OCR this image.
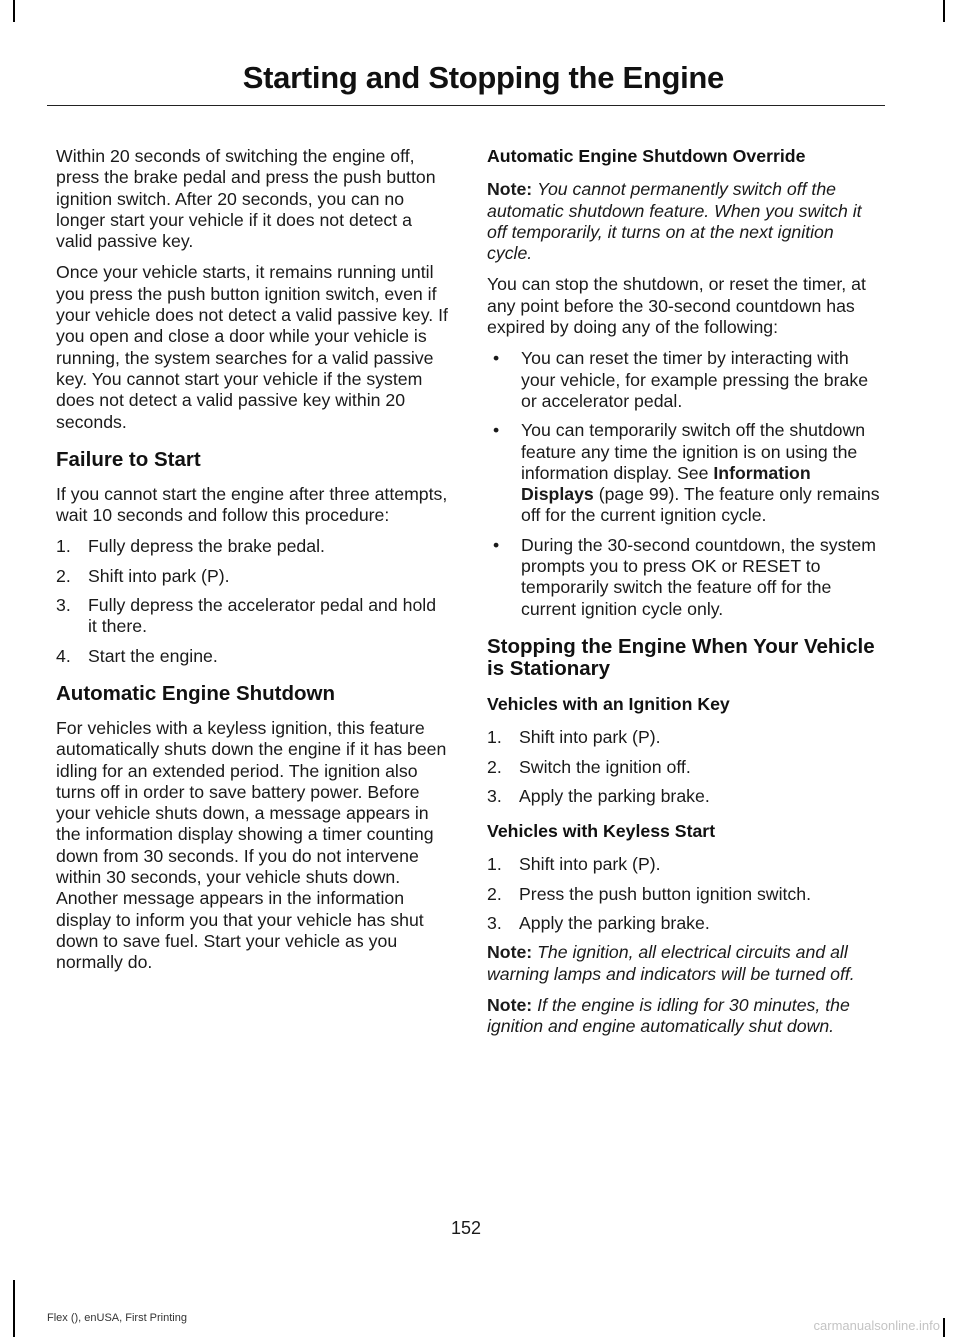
Starting and Stopping the Engine

Within 20 seconds of switching the engine off, press the brake pedal and press the push button ignition switch. After 20 seconds, you can no longer start your vehicle if it does not detect a valid passive key.

Once your vehicle starts, it remains running until you press the push button ignition switch, even if your vehicle does not detect a valid passive key. If you open and close a door while your vehicle is running, the system searches for a valid passive key. You cannot start your vehicle if the system does not detect a valid passive key within 20 seconds.

Failure to Start

If you cannot start the engine after three attempts, wait 10 seconds and follow this procedure:

1. Fully depress the brake pedal.
2. Shift into park (P).
3. Fully depress the accelerator pedal and hold it there.
4. Start the engine.
Automatic Engine Shutdown

For vehicles with a keyless ignition, this feature automatically shuts down the engine if it has been idling for an extended period. The ignition also turns off in order to save battery power. Before your vehicle shuts down, a message appears in the information display showing a timer counting down from 30 seconds. If you do not intervene within 30 seconds, your vehicle shuts down. Another message appears in the information display to inform you that your vehicle has shut down to save fuel. Start your vehicle as you normally do.

Automatic Engine Shutdown Override

Note: You cannot permanently switch off the automatic shutdown feature. When you switch it off temporarily, it turns on at the next ignition cycle.

You can stop the shutdown, or reset the timer, at any point before the 30-second countdown has expired by doing any of the following:

• You can reset the timer by interacting with your vehicle, for example pressing the brake or accelerator pedal.
• You can temporarily switch off the shutdown feature any time the ignition is on using the information display. See Information Displays (page 99). The feature only remains off for the current ignition cycle.
• During the 30-second countdown, the system prompts you to press OK or RESET to temporarily switch the feature off for the current ignition cycle only.
Stopping the Engine When Your Vehicle is Stationary
Vehicles with an Ignition Key
1. Shift into park (P).
2. Switch the ignition off.
3. Apply the parking brake.
Vehicles with Keyless Start
1. Shift into park (P).
2. Press the push button ignition switch.
3. Apply the parking brake.

Note: The ignition, all electrical circuits and all warning lamps and indicators will be turned off.

Note: If the engine is idling for 30 minutes, the ignition and engine automatically shut down.

152
Flex (), enUSA, First Printing	carmanualsonline.info
